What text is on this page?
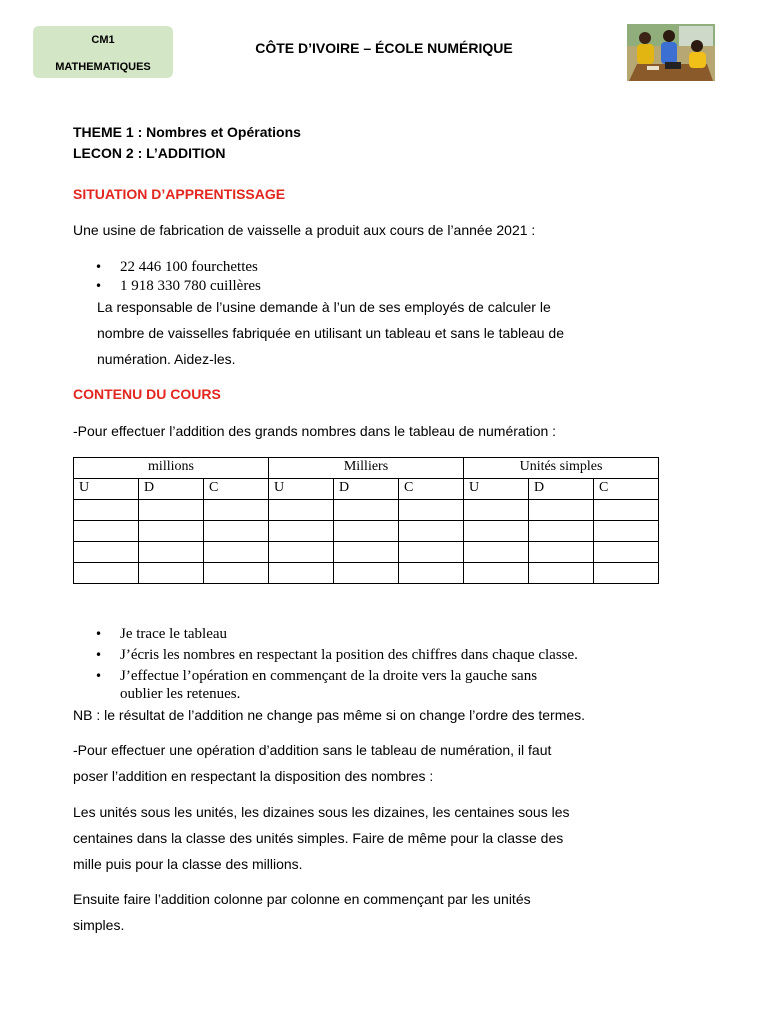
CM1
MATHEMATIQUES
CÔTE D’IVOIRE – ÉCOLE NUMÉRIQUE
THEME 1 : Nombres et Opérations
LECON 2 : L’ADDITION
SITUATION D’APPRENTISSAGE
Une usine de fabrication de vaisselle a produit aux cours de l’année 2021 :
• 22 446 100 fourchettes
• 1 918 330 780 cuillères
La responsable de l’usine demande à l’un de ses employés de calculer le
nombre de vaisselles fabriquée en utilisant un tableau et sans le tableau de
numération. Aidez-les.
CONTENU DU COURS
-Pour effectuer l’addition des grands nombres dans le tableau de numération :
millions			Milliers			Unités simples		
U	D	C	U	D	C	U	D	C

• Je trace le tableau
• J’écris les nombres en respectant la position des chiffres dans chaque classe.
• J’effectue l’opération en commençant de la droite vers la gauche sans
oublier les retenues.
NB : le résultat de l’addition ne change pas même si on change l’ordre des termes.
-Pour effectuer une opération d’addition sans le tableau de numération, il faut
poser l’addition en respectant la disposition des nombres :
Les unités sous les unités, les dizaines sous les dizaines, les centaines sous les
centaines dans la classe des unités simples. Faire de même pour la classe des
mille puis pour la classe des millions.
Ensuite faire l’addition colonne par colonne en commençant par les unités
simples.
